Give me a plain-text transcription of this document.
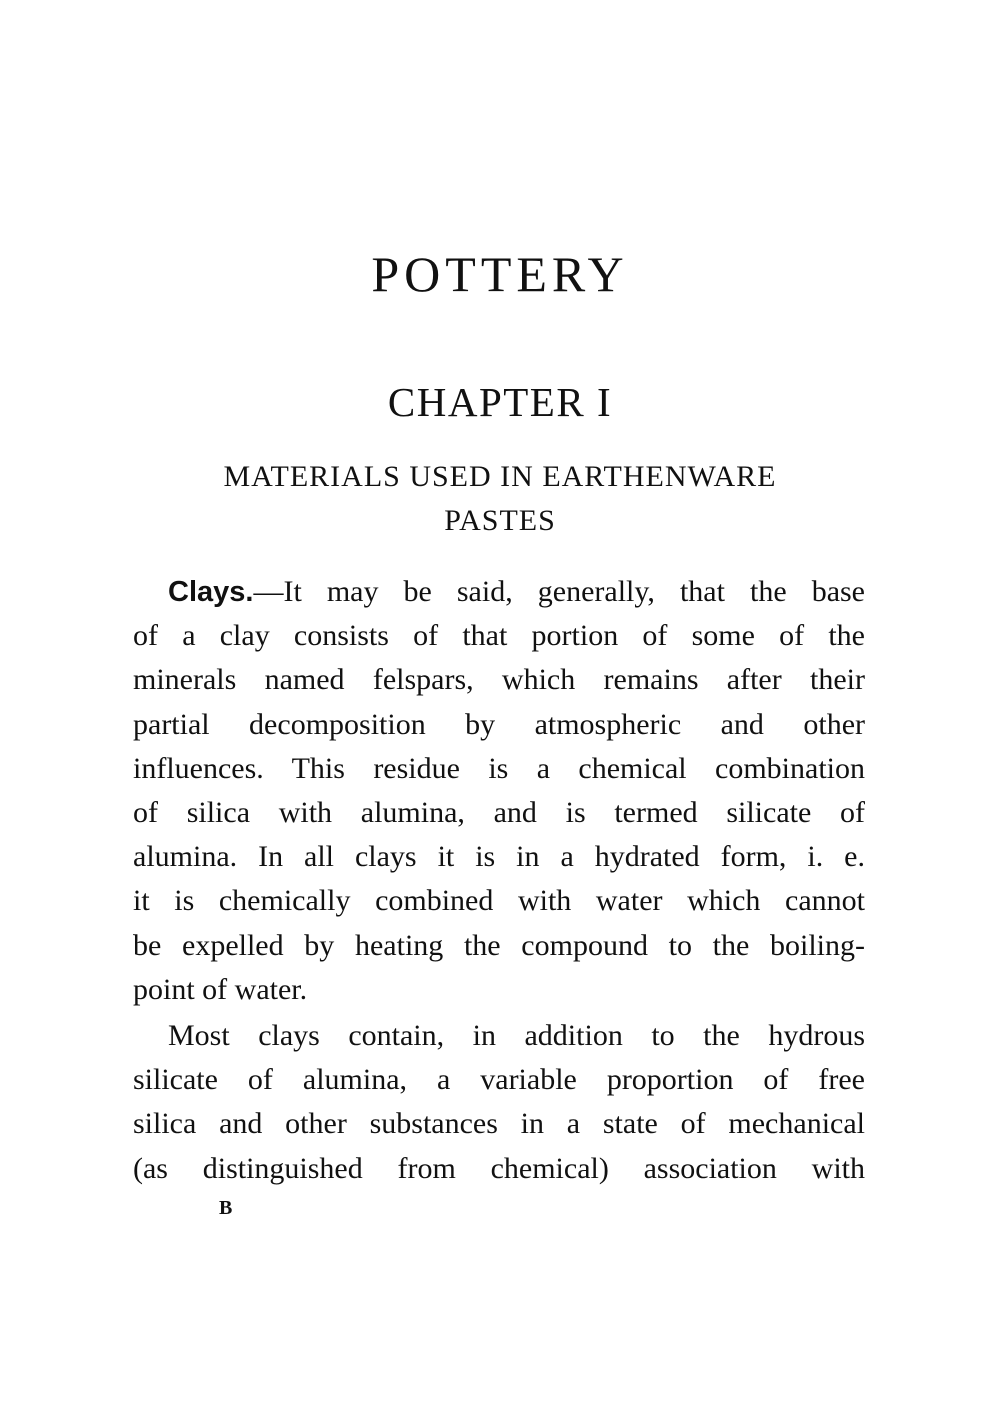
POTTERY
CHAPTER I
MATERIALS USED IN EARTHENWARE
PASTES
Clays.—It may be said, generally, that the base
of a clay consists of that portion of some of the
minerals named felspars, which remains after their
partial decomposition by atmospheric and other
influences. This residue is a chemical combination
of silica with alumina, and is termed silicate of
alumina. In all clays it is in a hydrated form, i. e.
it is chemically combined with water which cannot
be expelled by heating the compound to the boiling-
point of water.
Most clays contain, in addition to the hydrous
silicate of alumina, a variable proportion of free
silica and other substances in a state of mechanical
(as distinguished from chemical) association with
B
